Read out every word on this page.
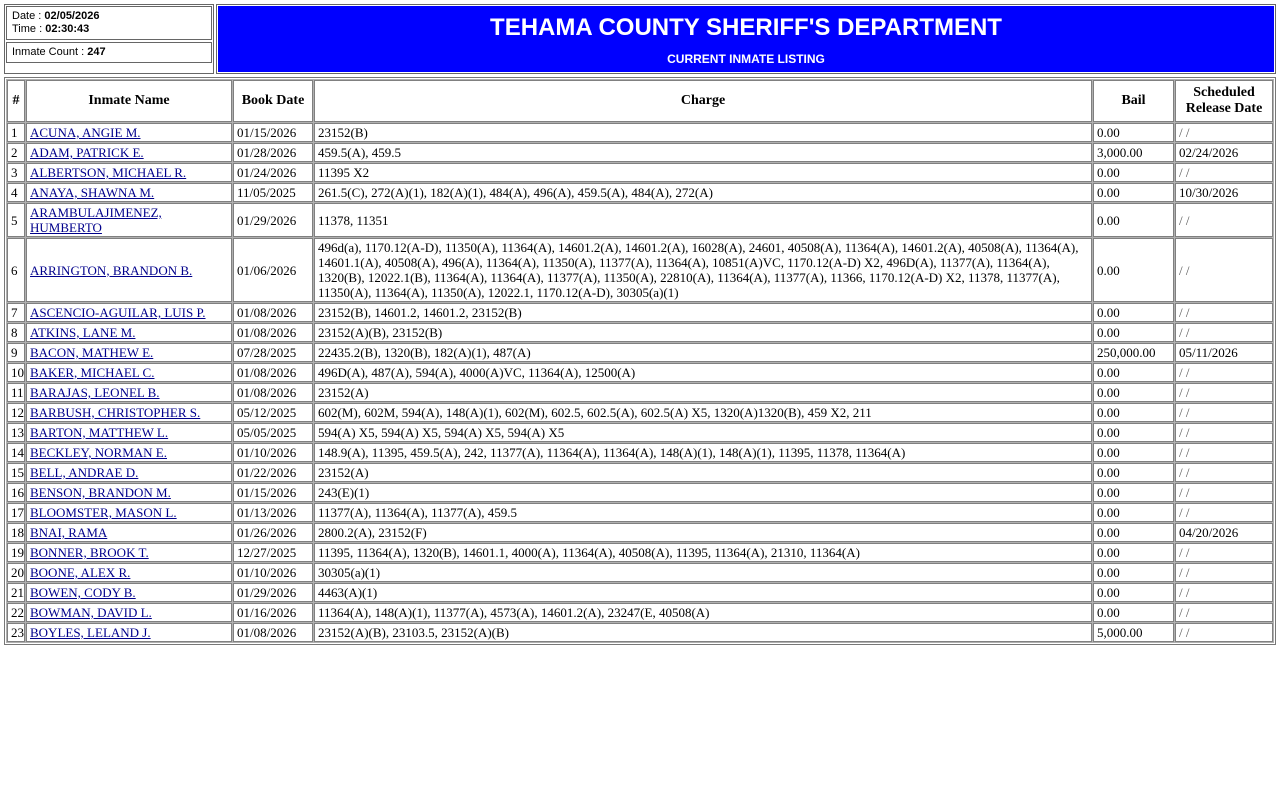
Date : 02/05/2026
Time : 02:30:43
Inmate Count : 247
TEHAMA COUNTY SHERIFF'S DEPARTMENT
CURRENT INMATE LISTING
#	Inmate Name	Book Date	Charge	Bail	Scheduled
Release Date

1	ACUNA, ANGIE M.	01/15/2026	23152(B)	0.00	/ /
2	ADAM, PATRICK E.	01/28/2026	459.5(A), 459.5	3,000.00	02/24/2026
3	ALBERTSON, MICHAEL R.	01/24/2026	11395 X2	0.00	/ /
4	ANAYA, SHAWNA M.	11/05/2025	261.5(C), 272(A)(1), 182(A)(1), 484(A), 496(A), 459.5(A), 484(A), 272(A)	0.00	10/30/2026
5	ARAMBULAJIMENEZ, HUMBERTO	01/29/2026	11378, 11351	0.00	/ /
6	ARRINGTON, BRANDON B.	01/06/2026	496d(a), 1170.12(A-D), 11350(A), 11364(A), 14601.2(A), 14601.2(A), 16028(A), 24601, 40508(A), 11364(A), 14601.2(A), 40508(A), 11364(A), 14601.1(A), 40508(A), 496(A), 11364(A), 11350(A), 11377(A), 11364(A), 10851(A)VC, 1170.12(A-D) X2, 496D(A), 11377(A), 11364(A), 1320(B), 12022.1(B), 11364(A), 11364(A), 11377(A), 11350(A), 22810(A), 11364(A), 11377(A), 11366, 1170.12(A-D) X2, 11378, 11377(A), 11350(A), 11364(A), 11350(A), 12022.1, 1170.12(A-D), 30305(a)(1)	0.00	/ /
7	ASCENCIO-AGUILAR, LUIS P.	01/08/2026	23152(B), 14601.2, 14601.2, 23152(B)	0.00	/ /
8	ATKINS, LANE M.	01/08/2026	23152(A)(B), 23152(B)	0.00	/ /
9	BACON, MATHEW E.	07/28/2025	22435.2(B), 1320(B), 182(A)(1), 487(A)	250,000.00	05/11/2026
10	BAKER, MICHAEL C.	01/08/2026	496D(A), 487(A), 594(A), 4000(A)VC, 11364(A), 12500(A)	0.00	/ /
11	BARAJAS, LEONEL B.	01/08/2026	23152(A)	0.00	/ /
12	BARBUSH, CHRISTOPHER S.	05/12/2025	602(M), 602M, 594(A), 148(A)(1), 602(M), 602.5, 602.5(A), 602.5(A) X5, 1320(A)1320(B), 459 X2, 211	0.00	/ /
13	BARTON, MATTHEW L.	05/05/2025	594(A) X5, 594(A) X5, 594(A) X5, 594(A) X5	0.00	/ /
14	BECKLEY, NORMAN E.	01/10/2026	148.9(A), 11395, 459.5(A), 242, 11377(A), 11364(A), 11364(A), 148(A)(1), 148(A)(1), 11395, 11378, 11364(A)	0.00	/ /
15	BELL, ANDRAE D.	01/22/2026	23152(A)	0.00	/ /
16	BENSON, BRANDON M.	01/15/2026	243(E)(1)	0.00	/ /
17	BLOOMSTER, MASON L.	01/13/2026	11377(A), 11364(A), 11377(A), 459.5	0.00	/ /
18	BNAI, RAMA	01/26/2026	2800.2(A), 23152(F)	0.00	04/20/2026
19	BONNER, BROOK T.	12/27/2025	11395, 11364(A), 1320(B), 14601.1, 4000(A), 11364(A), 40508(A), 11395, 11364(A), 21310, 11364(A)	0.00	/ /
20	BOONE, ALEX R.	01/10/2026	30305(a)(1)	0.00	/ /
21	BOWEN, CODY B.	01/29/2026	4463(A)(1)	0.00	/ /
22	BOWMAN, DAVID L.	01/16/2026	11364(A), 148(A)(1), 11377(A), 4573(A), 14601.2(A), 23247(E, 40508(A)	0.00	/ /
23	BOYLES, LELAND J.	01/08/2026	23152(A)(B), 23103.5, 23152(A)(B)	5,000.00	/ /
